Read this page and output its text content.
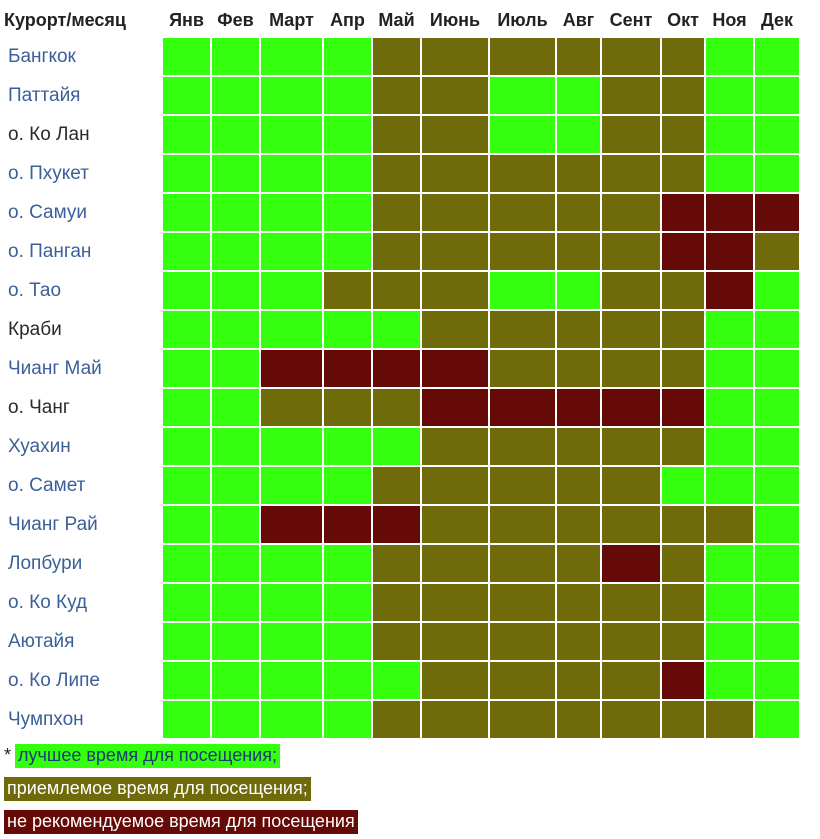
Курорт/месяц	Янв	Фев	Март	Апр	Май	Июнь	Июль	Авг	Сент	Окт	Ноя	Дек
Бангкок												
Паттайя												
о. Ко Лан												
о. Пхукет												
о. Самуи												
о. Панган												
о. Тао												
Краби												
Чианг Май												
о. Чанг												
Хуахин												
о. Самет												
Чианг Рай												
Лопбури												
о. Ко Куд												
Аютайя												
о. Ко Липе												
Чумпхон												
* лучшее время для посещения;
приемлемое время для посещения;
не рекомендуемое время для посещения
